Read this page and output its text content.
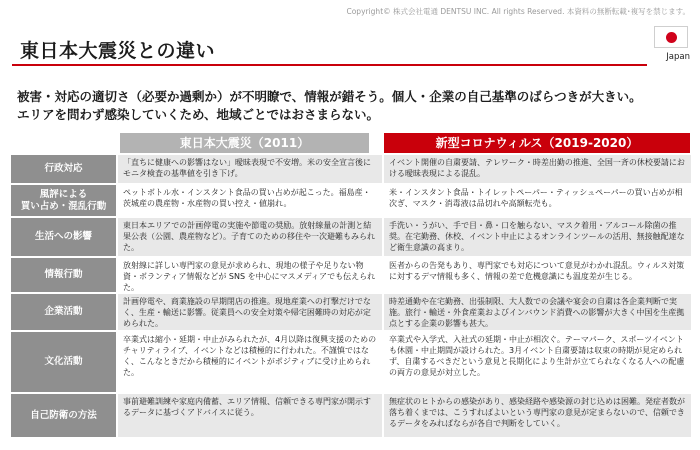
Copyright© 株式会社電通 DENTSU INC. All rights Reserved. 本資料の無断転載･複写を禁じます。
東日本大震災との違い	Japan

被害・対応の適切さ（必要か過剰か）が不明瞭で、情報が錯そう。個人・企業の自己基準のばらつきが大きい。

エリアを問わず感染していくため、地域ごとではおさまらない。

東日本大震災（2011）	新型コロナウィルス（2019-2020）
行政対応
「直ちに健康への影響はない」曖昧表現で不安増。米の安全宣言後にモニタ検査の基準値を引き下げ。
イベント開催の自粛要請、テレワーク・時差出勤の推進、全国一斉の休校要請における曖昧表現による混乱。
風評による
買い占め・混乱行動
ペットボトル水・インスタント食品の買い占めが起こった。福島産・茨城産の農産物・水産物の買い控え・値崩れ。
米・インスタント食品・トイレットペーパー・ティッシュペーパーの買い占めが相次ぎ、マスク・消毒液は品切れや高額転売も。
生活への影響
東日本エリアでの計画停電の実施や節電の奨励。放射線量の計測と結果公表（公園、農産物など）。子育てのための移住や一次避難もみられた。
手洗い・うがい、手で目・鼻・口を触らない、マスク着用・アルコール除菌の推奨。在宅勤務、休校、イベント中止によるオンラインツールの活用、無接触配達など衛生意識の高まり。
情報行動
放射線に詳しい専門家の意見が求められ、現地の様子や足りない物資・ボランティア情報などが SNS を中心にマスメディアでも伝えられた。
医者からの告発もあり、専門家でも対応について意見がわかれ混乱。ウィルス対策に対するデマ情報も多く、情報の差で危機意識にも温度差が生じる。
企業活動
計画停電や、商業施設の早期閉店の推進。現地産業への打撃だけでなく、生産・輸送に影響。従業員への安全対策や帰宅困難時の対応が定められた。
時差通勤や在宅勤務、出張制限、大人数での会議や宴会の自粛は各企業判断で実施。旅行・輸送・外食産業およびインバウンド消費への影響が大きく中国を生産拠点とする企業の影響も甚大。
文化活動
卒業式は縮小・延期・中止がみられたが、4月以降は復興支援のためのチャリティライブ、イベントなどは積極的に行われた。不謹慎ではなく、こんなときだから積極的にイベントがポジティブに受け止められた。
卒業式や入学式、入社式の延期・中止が相次ぐ。テーマパーク、スポーツイベントも休園・中止期間が設けられた。3月イベント自粛要請は収束の時期が見定められず、自粛するべきだという意見と長期化により生計が立てられなくなる人への配慮の両方の意見が対立した。
自己防衛の方法
事前避難訓練や家庭内備蓄、エリア情報、信頼できる専門家が開示するデータに基づくアドバイスに従う。
無症状のヒトからの感染があり、感染経路や感染源の封じ込めは困難。発症者数が落ち着くまでは、こうすればよいという専門家の意見が定まらないので、信頼できるデータをみればならが各自で判断をしていく。
